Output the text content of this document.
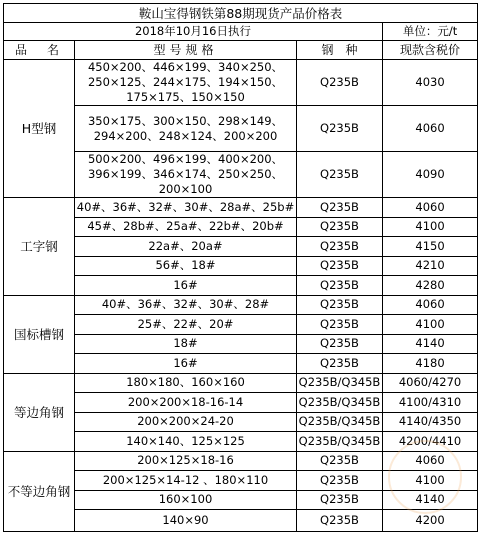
鞍山宝得钢铁第88期现货产品价格表			
2018年10月16日执行			单位：元/t
品　名	型号规格	钢　种	现款含税价
H型钢	450×200、446×199、340×250、250×125、244×175、194×150、175×175、150×150	Q235B	4030
	350×175、300×150、298×149、294×200、248×124、200×200	Q235B	4060
	500×200、496×199、400×200、396×199、346×174、250×250、200×100	Q235B	4090
工字钢	40#、36#、32#、30#、28a#、25b#	Q235B	4060
	45#、28b#、25a#、22b#、20b#	Q235B	4100
	22a#、20a#	Q235B	4150
	56#、18#	Q235B	4210
	16#	Q235B	4280
国标槽钢	40#、36#、32#、30#、28#	Q235B	4060
	25#、22#、20#	Q235B	4100
	18#	Q235B	4140
	16#	Q235B	4180
等边角钢	180×180、160×160	Q235B/Q345B	4060/4270
	200×200×18-16-14	Q235B/Q345B	4100/4310
	200×200×24-20	Q235B/Q345B	4140/4350
	140×140、125×125	Q235B/Q345B	4200/4410
不等边角钢	200×125×18-16	Q235B	4060
	200×125×14-12 、180×110	Q235B	4100
	160×100	Q235B	4140
	140×90	Q235B	4200
